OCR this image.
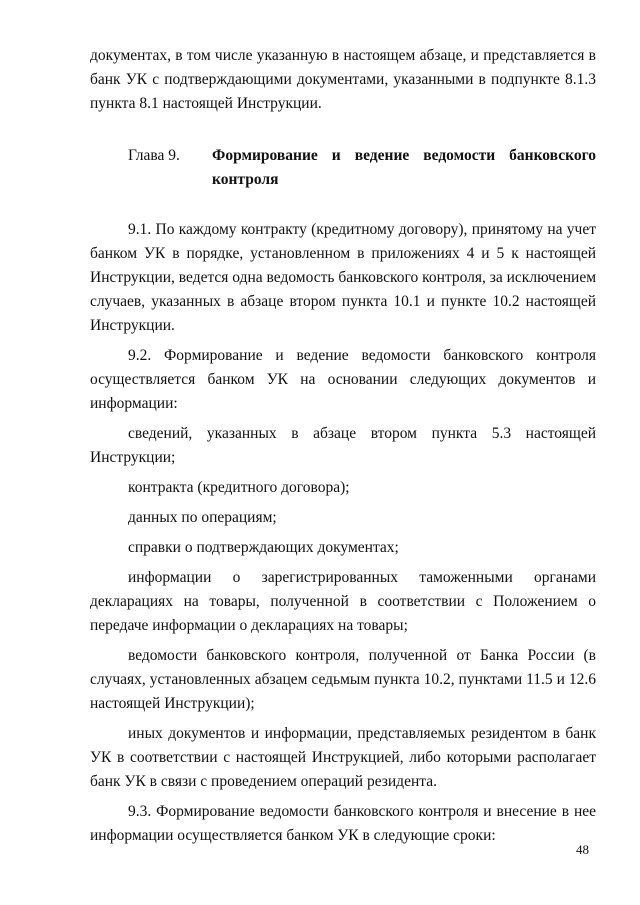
документах, в том числе указанную в настоящем абзаце, и представляется в банк УК с подтверждающими документами, указанными в подпункте 8.1.3 пункта 8.1 настоящей Инструкции.

Глава 9. Формирование и ведение ведомости банковского
контроля

9.1. По каждому контракту (кредитному договору), принятому на учет банком УК в порядке, установленном в приложениях 4 и 5 к настоящей Инструкции, ведется одна ведомость банковского контроля, за исключением случаев, указанных в абзаце втором пункта 10.1 и пункте 10.2 настоящей Инструкции.

9.2. Формирование и ведение ведомости банковского контроля осуществляется банком УК на основании следующих документов и информации:

сведений, указанных в абзаце втором пункта 5.3 настоящей Инструкции;

контракта (кредитного договора);

данных по операциям;

справки о подтверждающих документах;

информации о зарегистрированных таможенными органами декларациях на товары, полученной в соответствии с Положением о передаче информации о декларациях на товары;

ведомости банковского контроля, полученной от Банка России (в случаях, установленных абзацем седьмым пункта 10.2, пунктами 11.5 и 12.6 настоящей Инструкции);

иных документов и информации, представляемых резидентом в банк УК в соответствии с настоящей Инструкцией, либо которыми располагает банк УК в связи с проведением операций резидента.

9.3. Формирование ведомости банковского контроля и внесение в нее информации осуществляется банком УК в следующие сроки:

48
